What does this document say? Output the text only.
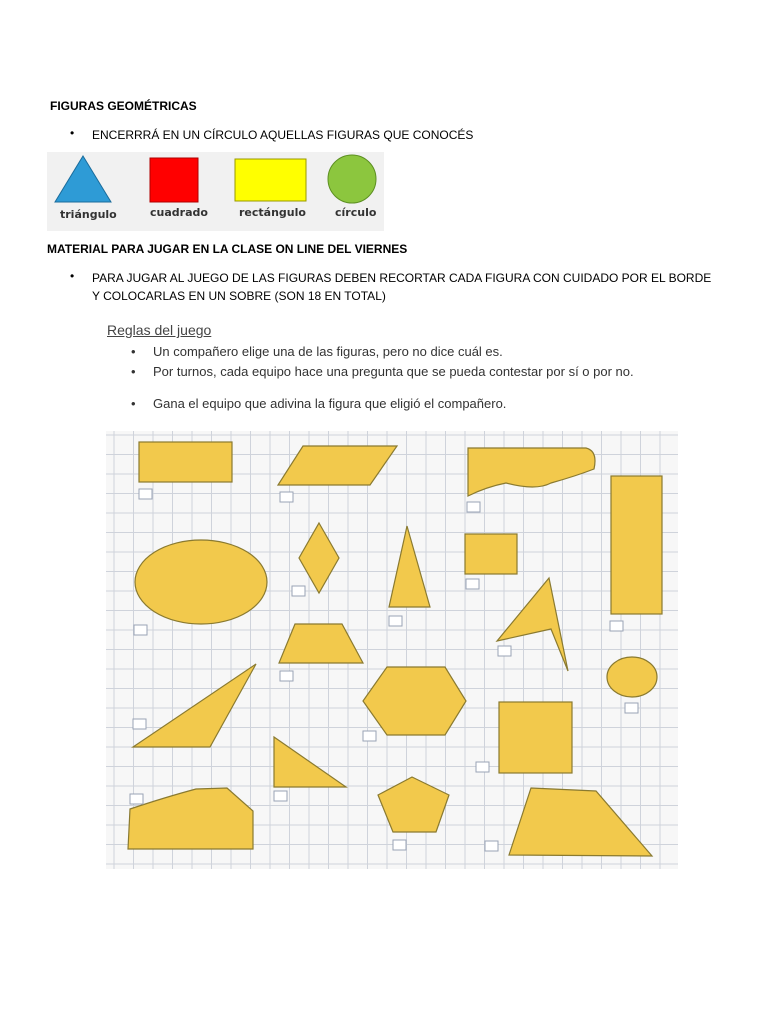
FIGURAS GEOMÉTRICAS
• ENCERRRÁ EN UN CÍRCULO AQUELLAS FIGURAS QUE CONOCÉS
triángulo	cuadrado	rectángulo	círculo
MATERIAL PARA JUGAR EN LA CLASE ON LINE DEL VIERNES
• PARA JUGAR AL JUEGO DE LAS FIGURAS DEBEN RECORTAR CADA FIGURA CON CUIDADO POR EL BORDE Y COLOCARLAS EN UN SOBRE (SON 18 EN TOTAL)
Reglas del juego
• Un compañero elige una de las figuras, pero no dice cuál es.
• Por turnos, cada equipo hace una pregunta que se pueda contestar por sí o por no.
• Gana el equipo que adivina la figura que eligió el compañero.
